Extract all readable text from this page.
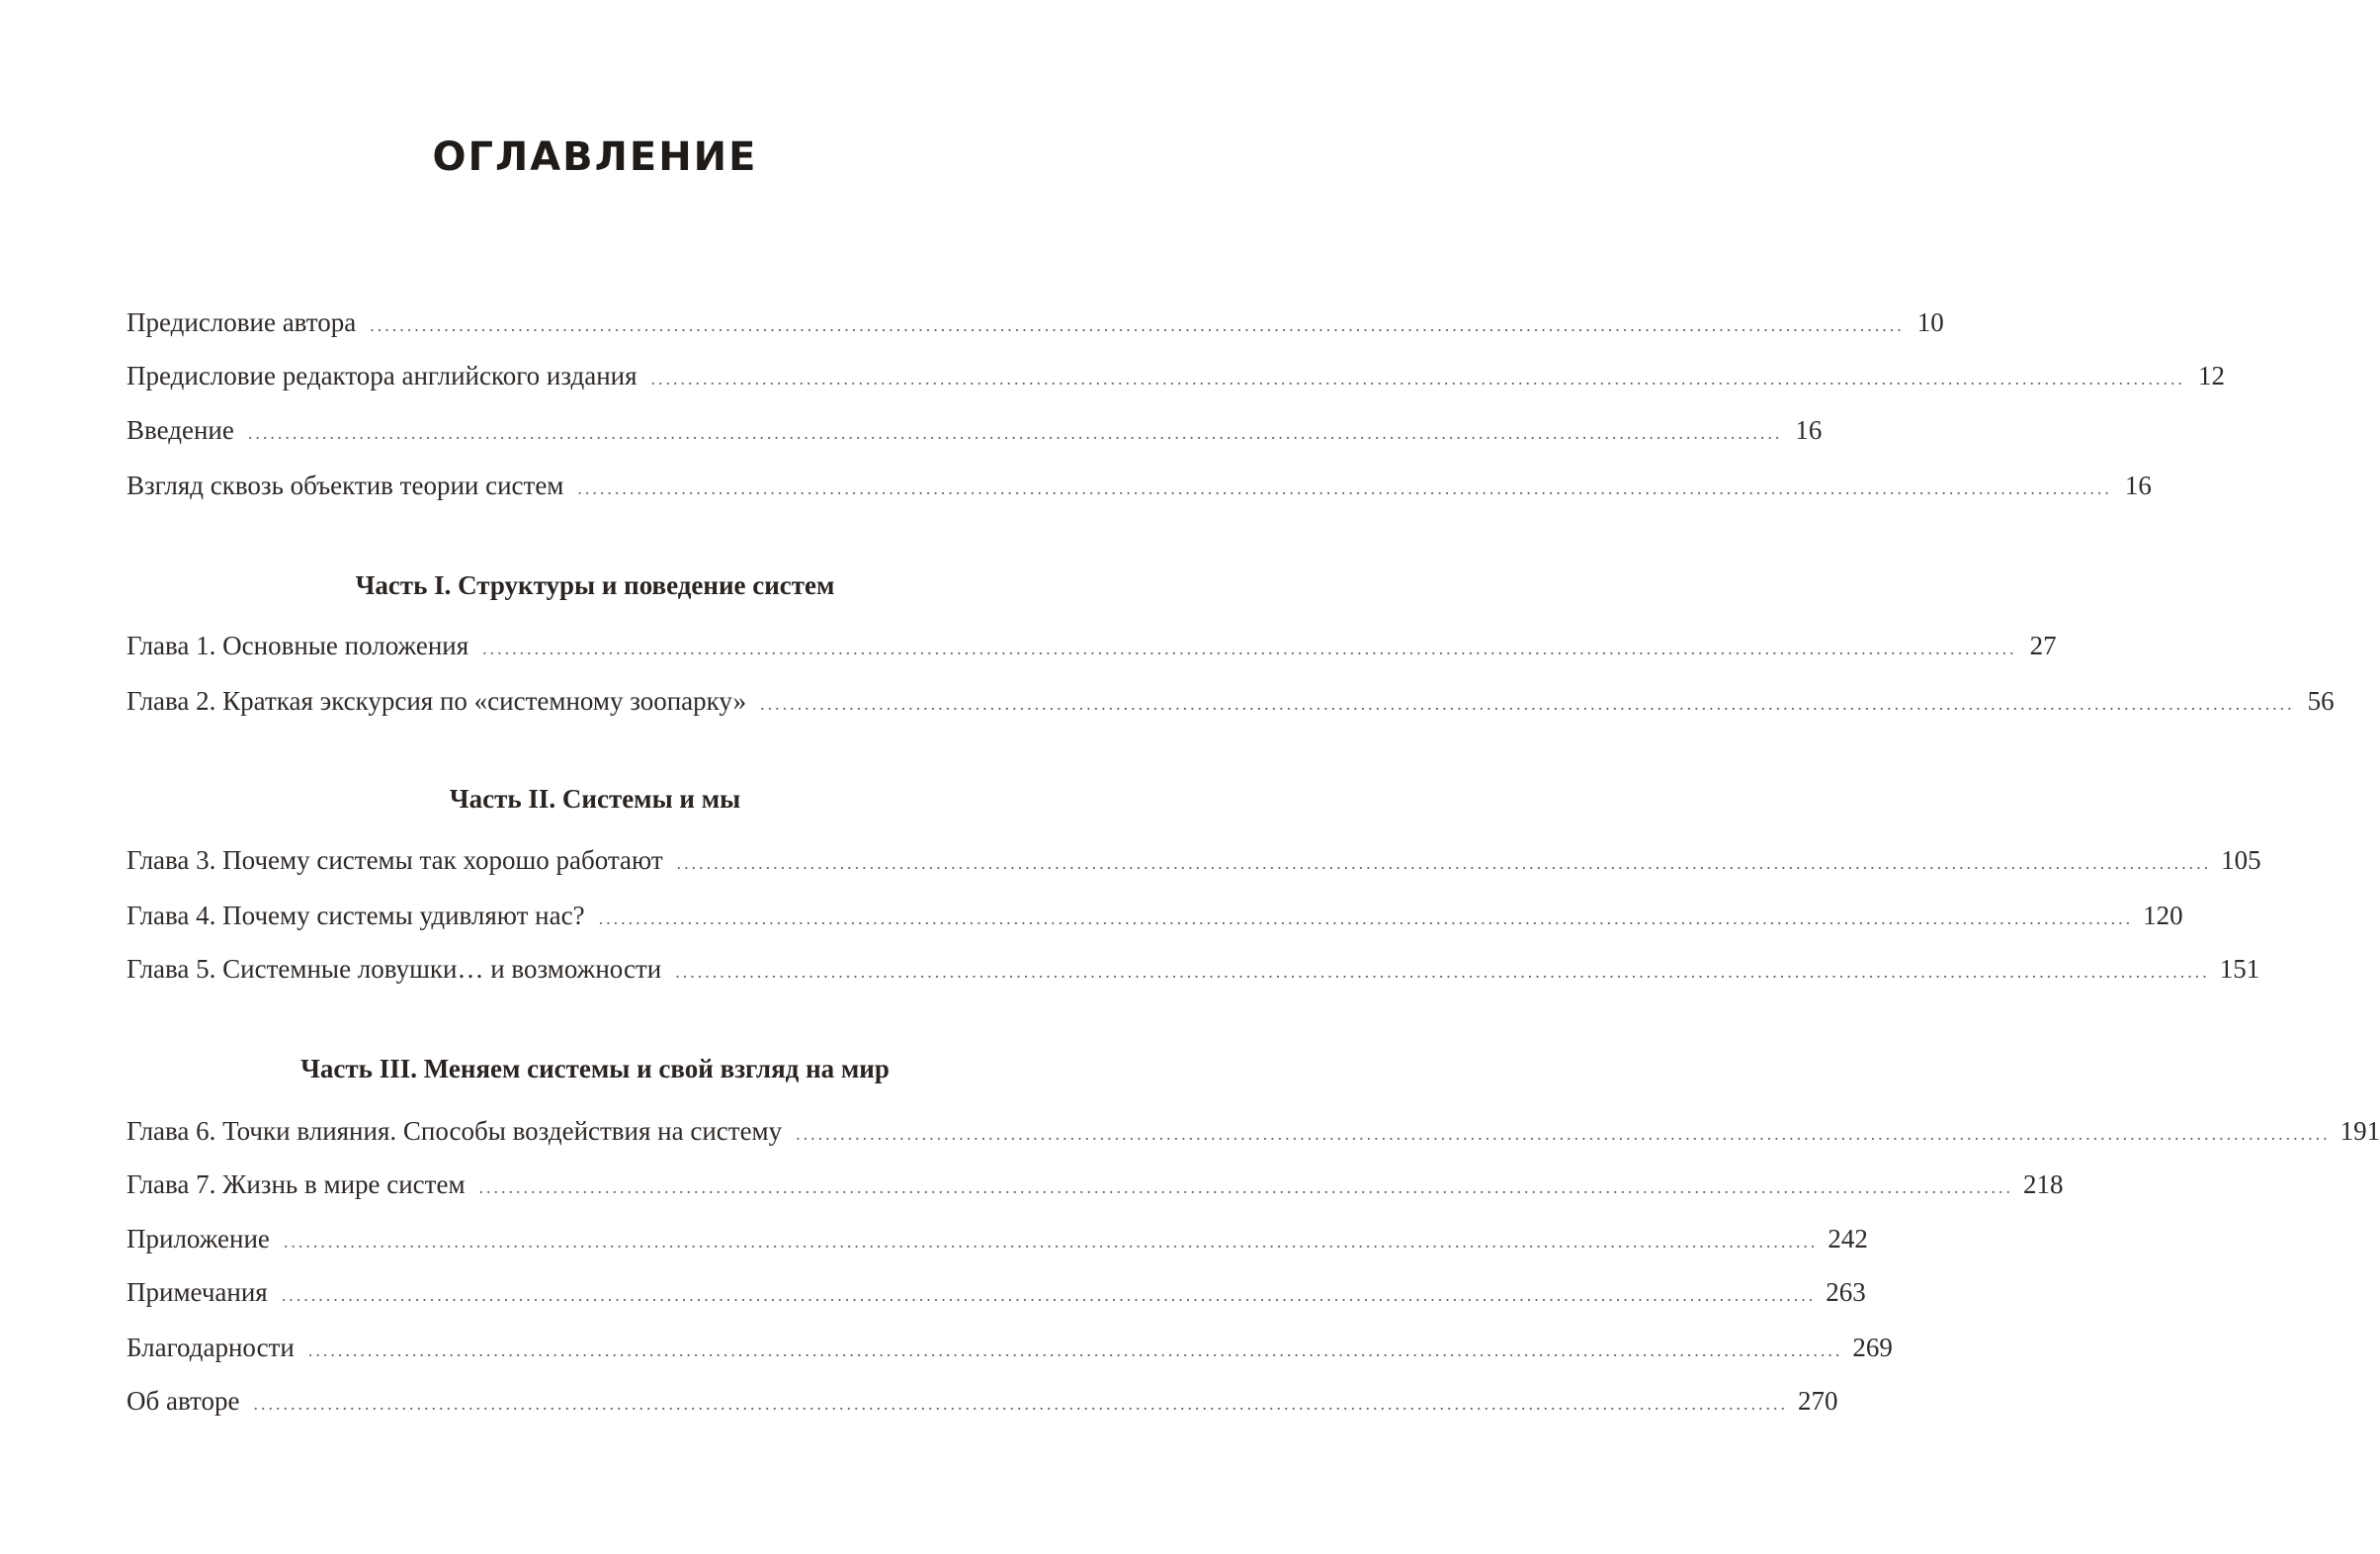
ОГЛАВЛЕНИЕ
Предисловие автора ............................................................................................................................................................................................................... 10
Предисловие редактора английского издания ............................................................................................................................................................................................................... 12
Введение ............................................................................................................................................................................................................... 16
Взгляд сквозь объектив теории систем ............................................................................................................................................................................................................... 16
Часть I. Структуры и поведение систем
Глава 1. Основные положения ............................................................................................................................................................................................................... 27
Глава 2. Краткая экскурсия по «системному зоопарку» ............................................................................................................................................................................................................... 56
Часть II. Системы и мы
Глава 3. Почему системы так хорошо работают ............................................................................................................................................................................................................... 105
Глава 4. Почему системы удивляют нас? ............................................................................................................................................................................................................... 120
Глава 5. Системные ловушки… и возможности ............................................................................................................................................................................................................... 151
Часть III. Меняем системы и свой взгляд на мир
Глава 6. Точки влияния. Способы воздействия на систему ............................................................................................................................................................................................................... 191
Глава 7. Жизнь в мире систем ............................................................................................................................................................................................................... 218
Приложение ............................................................................................................................................................................................................... 242
Примечания ............................................................................................................................................................................................................... 263
Благодарности ............................................................................................................................................................................................................... 269
Об авторе ............................................................................................................................................................................................................... 270
